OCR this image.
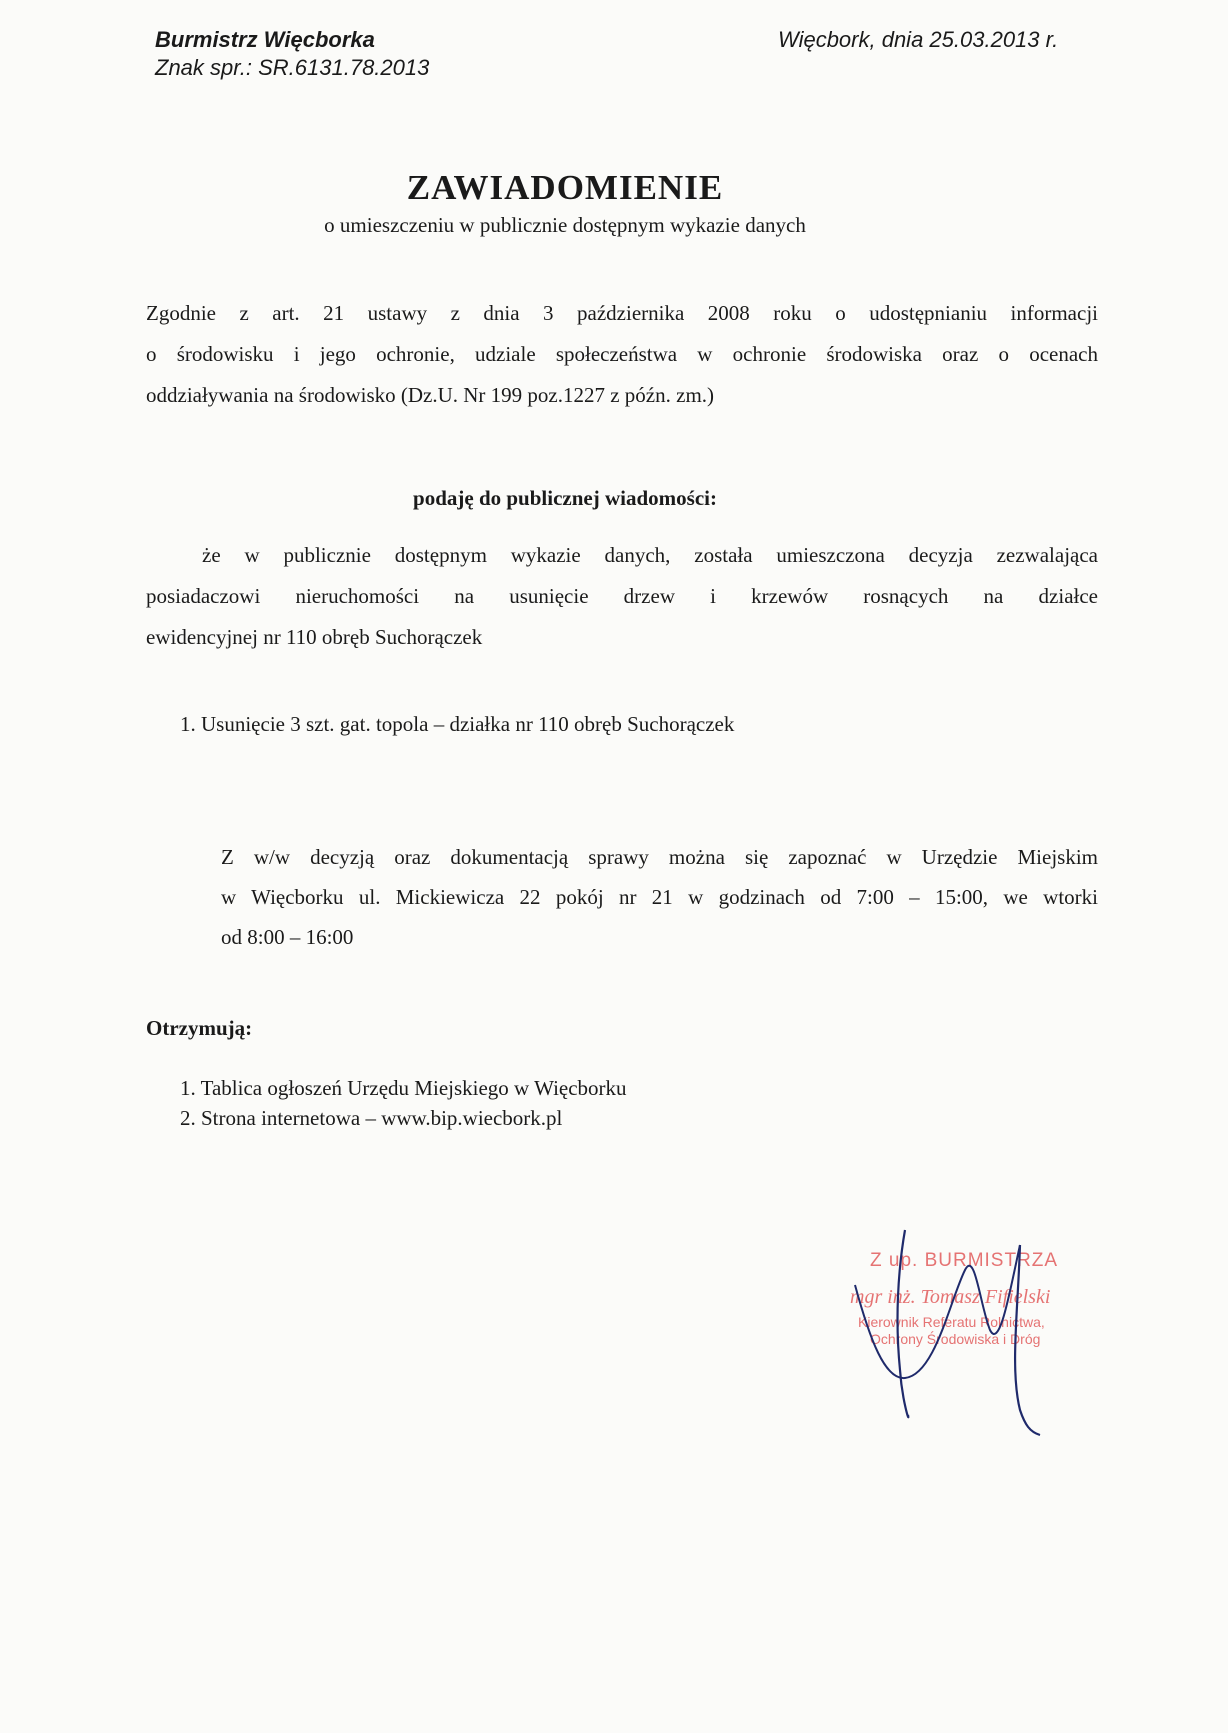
Burmistrz Więcborka
Znak spr.: SR.6131.78.2013
Więcbork, dnia 25.03.2013 r.
ZAWIADOMIENIE
o umieszczeniu w publicznie dostępnym wykazie danych
Zgodnie z art. 21 ustawy z dnia 3 października 2008 roku o udostępnianiu informacji
o środowisku i jego ochronie, udziale społeczeństwa w ochronie środowiska oraz o ocenach
oddziaływania na środowisko (Dz.U. Nr 199 poz.1227 z późn. zm.)
podaję do publicznej wiadomości:
że w publicznie dostępnym wykazie danych, została umieszczona decyzja zezwalająca
posiadaczowi nieruchomości na usunięcie drzew i krzewów rosnących na działce
ewidencyjnej nr 110 obręb Suchorączek
1. Usunięcie 3 szt. gat. topola – działka nr 110 obręb Suchorączek
Z w/w decyzją oraz dokumentacją sprawy można się zapoznać w Urzędzie Miejskim
w Więcborku ul. Mickiewicza 22 pokój nr 21 w godzinach od 7:00 – 15:00, we wtorki
od 8:00 – 16:00
Otrzymują:
1. Tablica ogłoszeń Urzędu Miejskiego w Więcborku
2. Strona internetowa – www.bip.wiecbork.pl
Z up. BURMISTRZA
mgr inż. Tomasz Fifielski
Kierownik Referatu Rolnictwa,
Ochrony Środowiska i Dróg
